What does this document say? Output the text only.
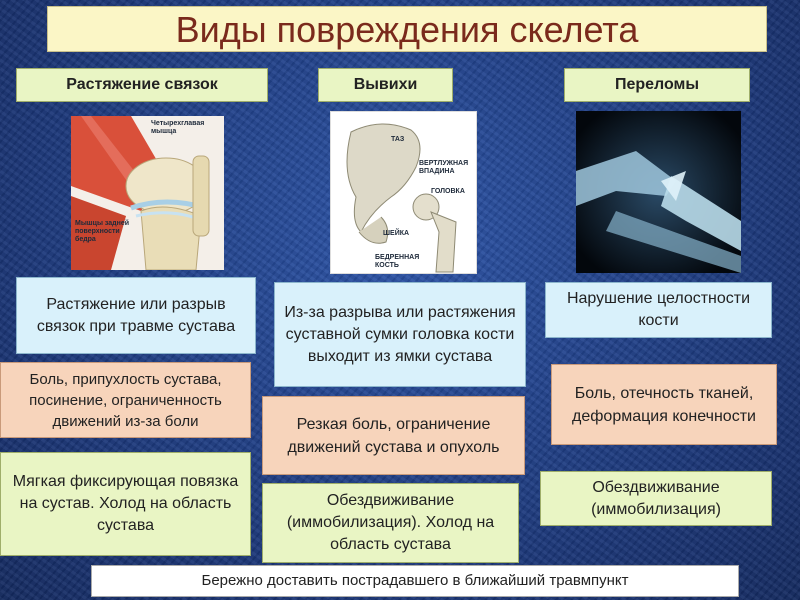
Виды повреждения скелета
Растяжение связок	Вывихи	Переломы
Четырехглавая мышца
Мышцы задней поверхности бедра
ТАЗ
ВЕРТЛУЖНАЯ ВПАДИНА
ГОЛОВКА
ШЕЙКА
БЕДРЕННАЯ КОСТЬ
Растяжение или разрыв связок при травме сустава
Из-за разрыва или растяжения суставной сумки головка кости выходит из ямки сустава
Нарушение целостности кости
Боль, припухлость сустава, посинение, ограниченность движений из-за боли	Резкая боль, ограничение движений сустава и опухоль
Боль, отечность тканей, деформация конечности
Мягкая фиксирующая повязка на сустав. Холод на область сустава
Обездвиживание (иммобилизация). Холод на область сустава
Обездвиживание (иммобилизация)
Бережно доставить пострадавшего в ближайший травмпункт
